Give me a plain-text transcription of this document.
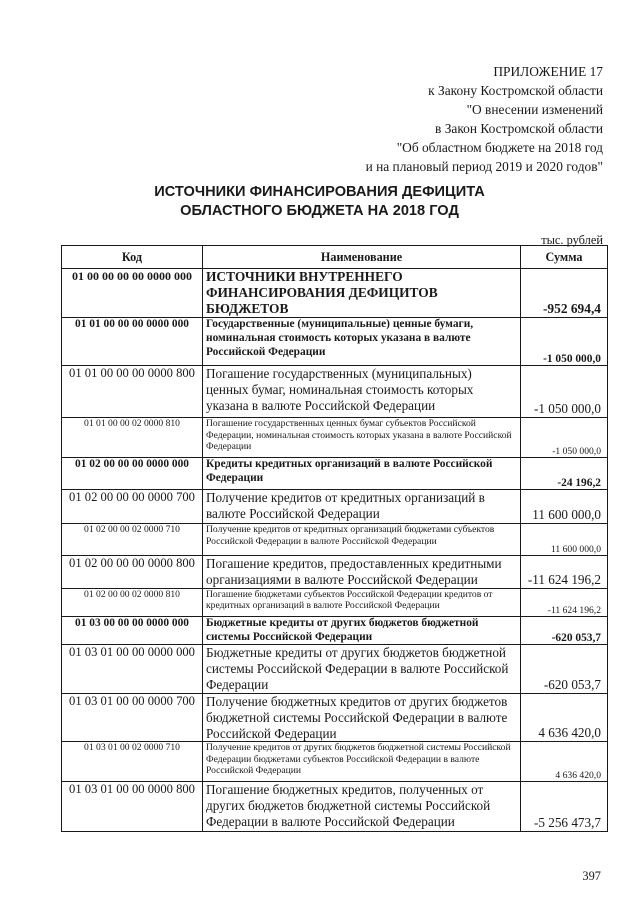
ПРИЛОЖЕНИЕ 17
к Закону Костромской области
"О внесении изменений
в Закон Костромской области
"Об областном бюджете на 2018 год
и на плановый период 2019 и 2020 годов"
ИСТОЧНИКИ ФИНАНСИРОВАНИЯ ДЕФИЦИТА
ОБЛАСТНОГО БЮДЖЕТА НА 2018 ГОД
тыс. рублей
Код	Наименование	Сумма
01 00 00 00 00 0000 000	ИСТОЧНИКИ ВНУТРЕННЕГО ФИНАНСИРОВАНИЯ ДЕФИЦИТОВ БЮДЖЕТОВ	-952 694,4
01 01 00 00 00 0000 000	Государственные (муниципальные) ценные бумаги, номинальная стоимость которых указана в валюте Российской Федерации	-1 050 000,0
01 01 00 00 00 0000 800	Погашение государственных (муниципальных) ценных бумаг, номинальная стоимость которых указана в валюте Российской Федерации	-1 050 000,0
01 01 00 00 02 0000 810	Погашение государственных ценных бумаг субъектов Российской Федерации, номинальная стоимость которых указана в валюте Российской Федерации	-1 050 000,0
01 02 00 00 00 0000 000	Кредиты кредитных организаций в валюте Российской Федерации	-24 196,2
01 02 00 00 00 0000 700	Получение кредитов от кредитных организаций в валюте Российской Федерации	11 600 000,0
01 02 00 00 02 0000 710	Получение кредитов от кредитных организаций бюджетами субъектов Российской Федерации в валюте Российской Федерации	11 600 000,0
01 02 00 00 00 0000 800	Погашение кредитов, предоставленных кредитными организациями в валюте Российской Федерации	-11 624 196,2
01 02 00 00 02 0000 810	Погашение бюджетами субъектов Российской Федерации кредитов от кредитных организаций в валюте Российской Федерации	-11 624 196,2
01 03 00 00 00 0000 000	Бюджетные кредиты от других бюджетов бюджетной системы Российской Федерации	-620 053,7
01 03 01 00 00 0000 000	Бюджетные кредиты от других бюджетов бюджетной системы Российской Федерации в валюте Российской Федерации	-620 053,7
01 03 01 00 00 0000 700	Получение бюджетных кредитов от других бюджетов бюджетной системы Российской Федерации в валюте Российской Федерации	4 636 420,0
01 03 01 00 02 0000 710	Получение кредитов от других бюджетов бюджетной системы Российской Федерации бюджетами субъектов Российской Федерации в валюте Российской Федерации	4 636 420,0
01 03 01 00 00 0000 800	Погашение бюджетных кредитов, полученных от других бюджетов бюджетной системы Российской Федерации в валюте Российской Федерации	-5 256 473,7
397
